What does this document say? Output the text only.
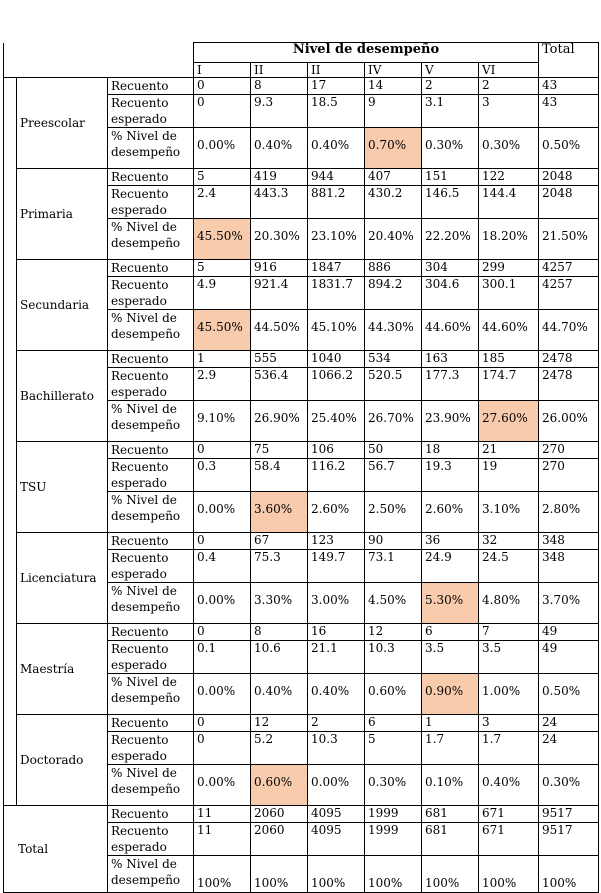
			Nivel de desempeño						Total
			I	II	II	IV	V	VI	
	Preescolar	Recuento	0	8	17	14	2	2	43
		Recuento esperado	0	9.3	18.5	9	3.1	3	43
		% Nivel de desempeño	0.00%	0.40%	0.40%	0.70%	0.30%	0.30%	0.50%
	Primaria	Recuento	5	419	944	407	151	122	2048
		Recuento esperado	2.4	443.3	881.2	430.2	146.5	144.4	2048
		% Nivel de desempeño	45.50%	20.30%	23.10%	20.40%	22.20%	18.20%	21.50%
	Secundaria	Recuento	5	916	1847	886	304	299	4257
		Recuento esperado	4.9	921.4	1831.7	894.2	304.6	300.1	4257
		% Nivel de desempeño	45.50%	44.50%	45.10%	44.30%	44.60%	44.60%	44.70%
	Bachillerato	Recuento	1	555	1040	534	163	185	2478
		Recuento esperado	2.9	536.4	1066.2	520.5	177.3	174.7	2478
		% Nivel de desempeño	9.10%	26.90%	25.40%	26.70%	23.90%	27.60%	26.00%
	TSU	Recuento	0	75	106	50	18	21	270
		Recuento esperado	0.3	58.4	116.2	56.7	19.3	19	270
		% Nivel de desempeño	0.00%	3.60%	2.60%	2.50%	2.60%	3.10%	2.80%
	Licenciatura	Recuento	0	67	123	90	36	32	348
		Recuento esperado	0.4	75.3	149.7	73.1	24.9	24.5	348
		% Nivel de desempeño	0.00%	3.30%	3.00%	4.50%	5.30%	4.80%	3.70%
	Maestría	Recuento	0	8	16	12	6	7	49
		Recuento esperado	0.1	10.6	21.1	10.3	3.5	3.5	49
		% Nivel de desempeño	0.00%	0.40%	0.40%	0.60%	0.90%	1.00%	0.50%
	Doctorado	Recuento	0	12	2	6	1	3	24
		Recuento esperado	0	5.2	10.3	5	1.7	1.7	24
		% Nivel de desempeño	0.00%	0.60%	0.00%	0.30%	0.10%	0.40%	0.30%
Total		Recuento	11	2060	4095	1999	681	671	9517
		Recuento esperado	11	2060	4095	1999	681	671	9517
		% Nivel de desempeño	100%	100%	100%	100%	100%	100%	100%
